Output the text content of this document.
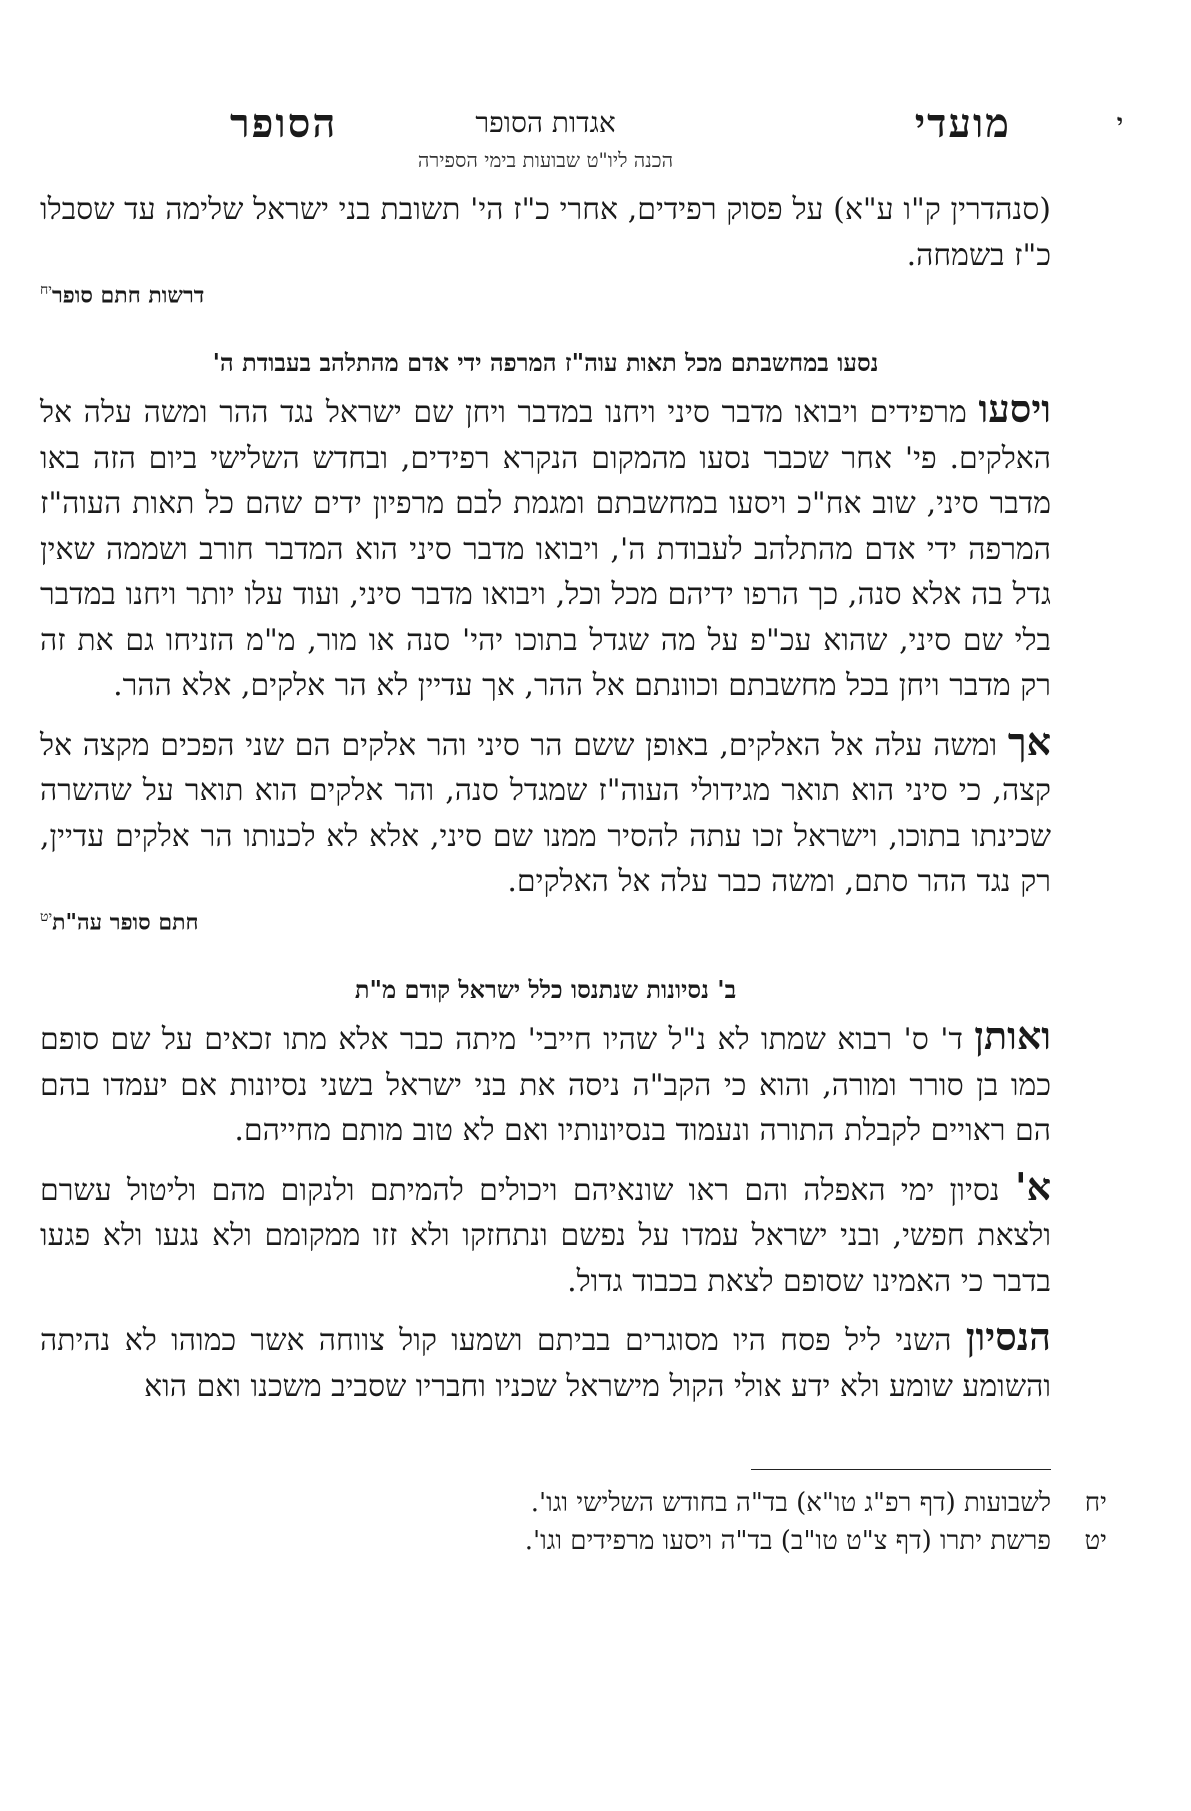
י
מועדי
אגדות הסופר
הסופר
הכנה ליו"ט שבועות בימי הספירה

(סנהדרין ק"ו ע"א) על פסוק רפידים, אחרי כ"ז הי' תשובת בני ישראל שלימה עד שסבלו כ"ז בשמחה.

דרשות חתם סופר$^{יח}$
נסעו במחשבתם מכל תאות עוה"ז המרפה ידי אדם מהתלהב בעבודת ה'

ויסעו מרפידים ויבואו מדבר סיני ויחנו במדבר ויחן שם ישראל נגד ההר ומשה עלה אל האלקים. פי' אחר שכבר נסעו מהמקום הנקרא רפידים, ובחדש השלישי ביום הזה באו מדבר סיני, שוב אח"כ ויסעו במחשבתם ומגמת לבם מרפיון ידים שהם כל תאות העוה"ז המרפה ידי אדם מהתלהב לעבודת ה', ויבואו מדבר סיני הוא המדבר חורב ושממה שאין גדל בה אלא סנה, כך הרפו ידיהם מכל וכל, ויבואו מדבר סיני, ועוד עלו יותר ויחנו במדבר בלי שם סיני, שהוא עכ"פ על מה שגדל בתוכו יהי' סנה או מור, מ"מ הזניחו גם את זה רק מדבר ויחן בכל מחשבתם וכוונתם אל ההר, אך עדיין לא הר אלקים, אלא ההר.

אך ומשה עלה אל האלקים, באופן ששם הר סיני והר אלקים הם שני הפכים מקצה אל קצה, כי סיני הוא תואר מגידולי העוה"ז שמגדל סנה, והר אלקים הוא תואר על שהשרה שכינתו בתוכו, וישראל זכו עתה להסיר ממנו שם סיני, אלא לא לכנותו הר אלקים עדיין, רק נגד ההר סתם, ומשה כבר עלה אל האלקים.

חתם סופר עה"ת$^{יט}$
ב' נסיונות שנתנסו כלל ישראל קודם מ"ת

ואותן ד' ס' רבוא שמתו לא נ"ל שהיו חייבי' מיתה כבר אלא מתו זכאים על שם סופם כמו בן סורר ומורה, והוא כי הקב"ה ניסה את בני ישראל בשני נסיונות אם יעמדו בהם הם ראויים לקבלת התורה ונעמוד בנסיונותיו ואם לא טוב מותם מחייהם.

א' נסיון ימי האפלה והם ראו שונאיהם ויכולים להמיתם ולנקום מהם וליטול עשרם ולצאת חפשי, ובני ישראל עמדו על נפשם ונתחזקו ולא זזו ממקומם ולא נגעו ולא פגעו בדבר כי האמינו שסופם לצאת בכבוד גדול.

הנסיון השני ליל פסח היו מסוגרים בביתם ושמעו קול צווחה אשר כמוהו לא נהיתה והשומע שומע ולא ידע אולי הקול מישראל שכניו וחבריו שסביב משכנו ואם הוא

יחלשבועות (דף רפ"ג טו"א) בד"ה בחודש השלישי וגו'.
יטפרשת יתרו (דף צ"ט טו"ב) בד"ה ויסעו מרפידים וגו'.
